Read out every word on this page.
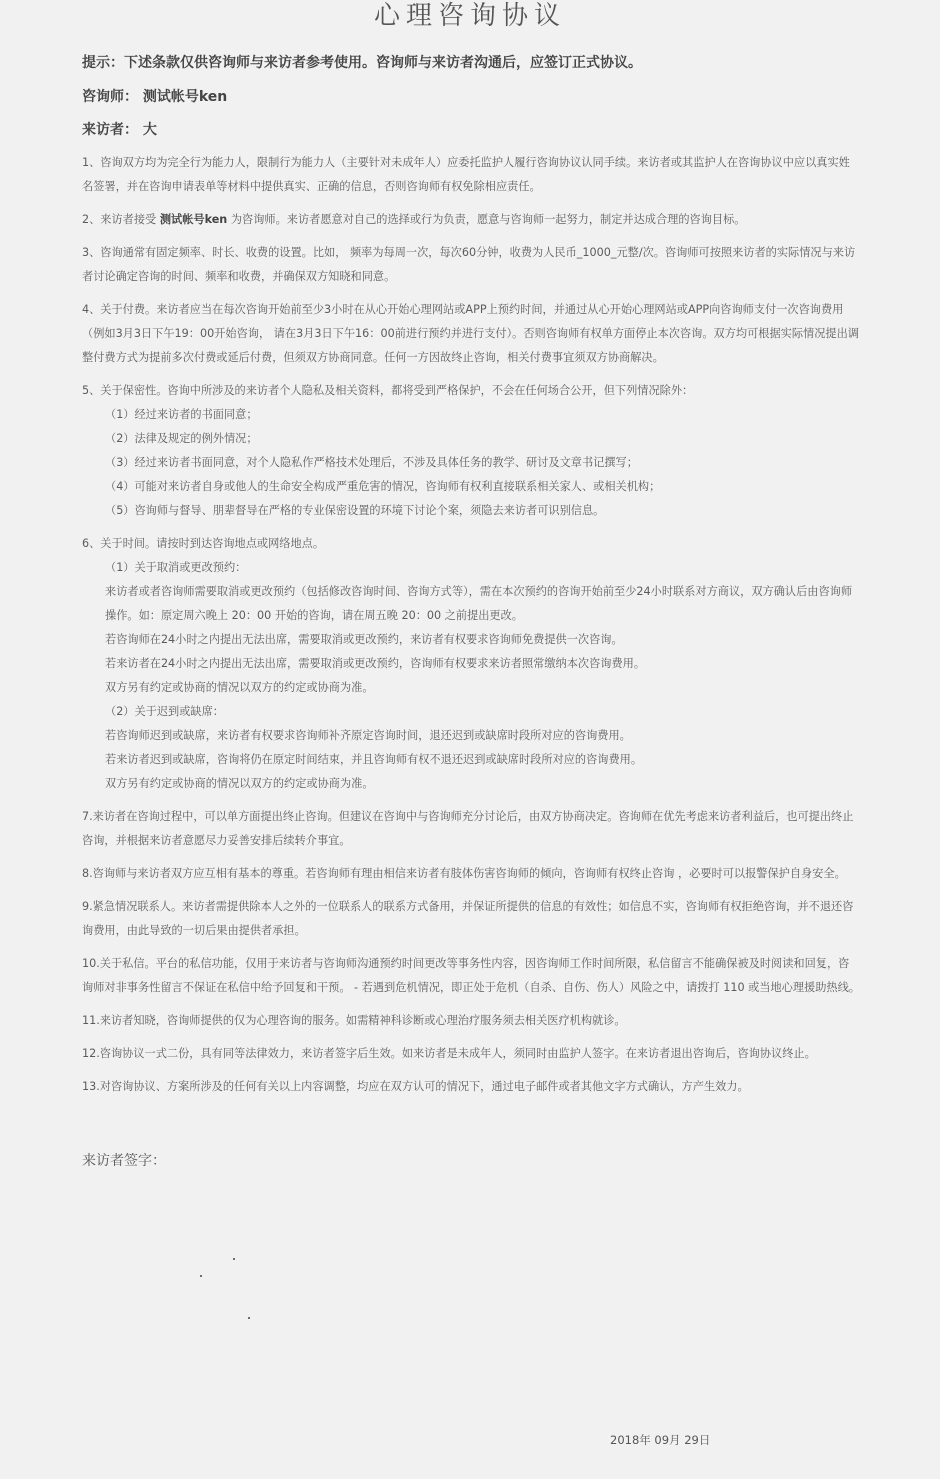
心理咨询协议
提示：下述条款仅供咨询师与来访者参考使用。咨询师与来访者沟通后，应签订正式协议。
咨询师： 测试帐号ken
来访者： 大

1、咨询双方均为完全行为能力人，限制行为能力人（主要针对未成年人）应委托监护人履行咨询协议认同手续。来访者或其监护人在咨询协议中应以真实姓名签署，并在咨询申请表单等材料中提供真实、正确的信息，否则咨询师有权免除相应责任。

2、来访者接受 测试帐号ken 为咨询师。来访者愿意对自己的选择或行为负责，愿意与咨询师一起努力，制定并达成合理的咨询目标。

3、咨询通常有固定频率、时长、收费的设置。比如， 频率为每周一次，每次60分钟，收费为人民币_1000_元整/次。咨询师可按照来访者的实际情况与来访者讨论确定咨询的时间、频率和收费，并确保双方知晓和同意。

4、关于付费。来访者应当在每次咨询开始前至少3小时在从心开始心理网站或APP上预约时间，并通过从心开始心理网站或APP向咨询师支付一次咨询费用（例如3月3日下午19：00开始咨询， 请在3月3日下午16：00前进行预约并进行支付）。否则咨询师有权单方面停止本次咨询。双方均可根据实际情况提出调整付费方式为提前多次付费或延后付费，但须双方协商同意。任何一方因故终止咨询，相关付费事宜须双方协商解决。

5、关于保密性。咨询中所涉及的来访者个人隐私及相关资料，都将受到严格保护，不会在任何场合公开，但下列情况除外：

（1）经过来访者的书面同意；

（2）法律及规定的例外情况；

（3）经过来访者书面同意，对个人隐私作严格技术处理后，不涉及具体任务的教学、研讨及文章书记撰写；

（4）可能对来访者自身或他人的生命安全构成严重危害的情况，咨询师有权利直接联系相关家人、或相关机构；

（5）咨询师与督导、朋辈督导在严格的专业保密设置的环境下讨论个案，须隐去来访者可识别信息。

6、关于时间。请按时到达咨询地点或网络地点。

（1）关于取消或更改预约：

来访者或者咨询师需要取消或更改预约（包括修改咨询时间、咨询方式等），需在本次预约的咨询开始前至少24小时联系对方商议，双方确认后由咨询师操作。如：原定周六晚上 20：00 开始的咨询，请在周五晚 20：00 之前提出更改。

若咨询师在24小时之内提出无法出席，需要取消或更改预约，来访者有权要求咨询师免费提供一次咨询。

若来访者在24小时之内提出无法出席，需要取消或更改预约，咨询师有权要求来访者照常缴纳本次咨询费用。

双方另有约定或协商的情况以双方的约定或协商为准。

（2）关于迟到或缺席：

若咨询师迟到或缺席，来访者有权要求咨询师补齐原定咨询时间，退还迟到或缺席时段所对应的咨询费用。

若来访者迟到或缺席，咨询将仍在原定时间结束，并且咨询师有权不退还迟到或缺席时段所对应的咨询费用。

双方另有约定或协商的情况以双方的约定或协商为准。

7.来访者在咨询过程中，可以单方面提出终止咨询。但建议在咨询中与咨询师充分讨论后，由双方协商决定。咨询师在优先考虑来访者利益后，也可提出终止咨询，并根据来访者意愿尽力妥善安排后续转介事宜。

8.咨询师与来访者双方应互相有基本的尊重。若咨询师有理由相信来访者有肢体伤害咨询师的倾向，咨询师有权终止咨询 ，必要时可以报警保护自身安全。

9.紧急情况联系人。来访者需提供除本人之外的一位联系人的联系方式备用，并保证所提供的信息的有效性；如信息不实，咨询师有权拒绝咨询，并不退还咨询费用，由此导致的一切后果由提供者承担。

10.关于私信。平台的私信功能，仅用于来访者与咨询师沟通预约时间更改等事务性内容，因咨询师工作时间所限，私信留言不能确保被及时阅读和回复，咨询师对非事务性留言不保证在私信中给予回复和干预。 - 若遇到危机情况，即正处于危机（自杀、自伤、伤人）风险之中，请拨打 110 或当地心理援助热线。

11.来访者知晓，咨询师提供的仅为心理咨询的服务。如需精神科诊断或心理治疗服务须去相关医疗机构就诊。

12.咨询协议一式二份，具有同等法律效力，来访者签字后生效。如来访者是未成年人，须同时由监护人签字。在来访者退出咨询后，咨询协议终止。

13.对咨询协议、方案所涉及的任何有关以上内容调整，均应在双方认可的情况下，通过电子邮件或者其他文字方式确认，方产生效力。

来访者签字：
2018年 09月 29日
